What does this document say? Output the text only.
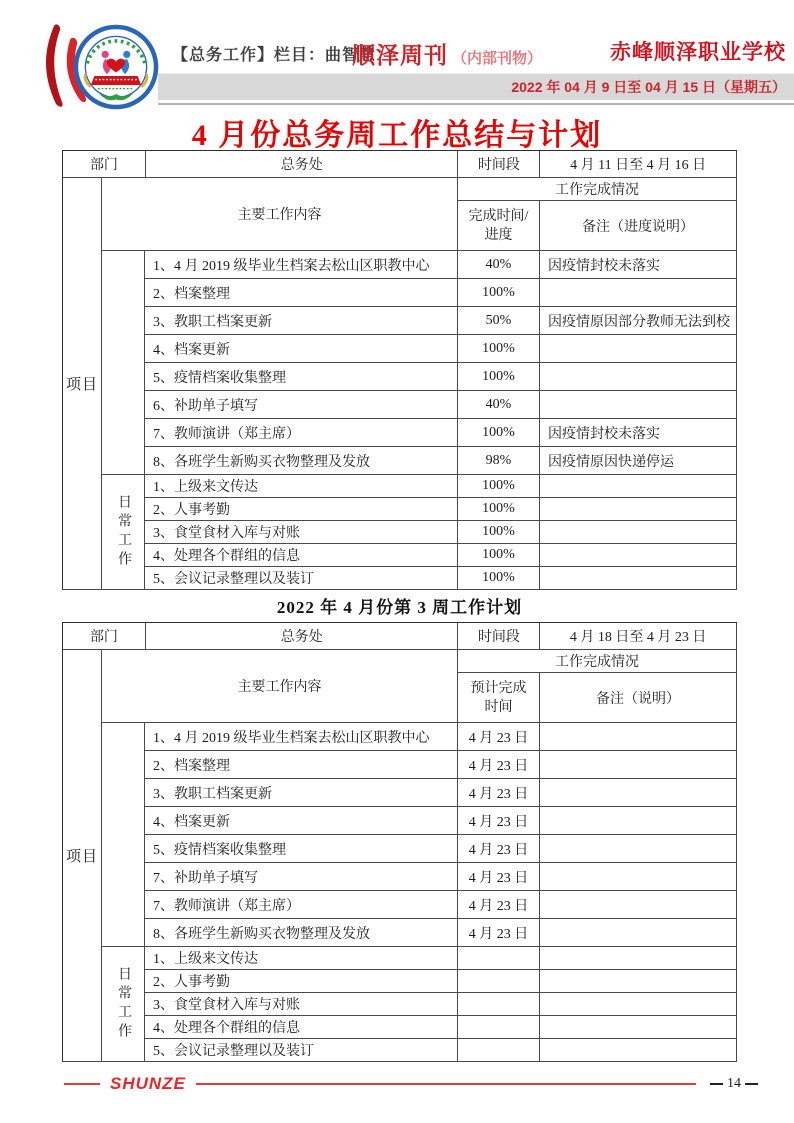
【总务工作】栏目：曲智慧
顺泽周刊 （内部刊物）	赤峰顺泽职业学校
2022 年 04 月 9 日至 04 月 15 日（星期五）
4 月份总务周工作总结与计划
部门	总务处	时间段	4 月 11 日至 4 月 16 日
项目
主要工作内容
工作完成情况
完成时间/进度
备注（进度说明）
1、4 月 2019 级毕业生档案去松山区职教中心	40%	因疫情封校未落实
2、档案整理	100%
3、教职工档案更新	50%	因疫情原因部分教师无法到校
4、档案更新	100%
5、疫情档案收集整理	100%
6、补助单子填写	40%
7、教师演讲（郑主席）	100%	因疫情封校未落实
8、各班学生新购买衣物整理及发放	98%	因疫情原因快递停运
日常工作
1、上级来文传达	100%
2、人事考勤	100%
3、食堂食材入库与对账	100%
4、处理各个群组的信息	100%
5、会议记录整理以及装订	100%
2022 年 4 月份第 3 周工作计划
部门	总务处	时间段	4 月 18 日至 4 月 23 日
项目
主要工作内容
工作完成情况
预计完成时间
备注（说明）
1、4 月 2019 级毕业生档案去松山区职教中心	4 月 23 日
2、档案整理	4 月 23 日
3、教职工档案更新	4 月 23 日
4、档案更新	4 月 23 日
5、疫情档案收集整理	4 月 23 日
7、补助单子填写	4 月 23 日
7、教师演讲（郑主席）	4 月 23 日
8、各班学生新购买衣物整理及发放	4 月 23 日
日常工作
1、上级来文传达
2、人事考勤
3、食堂食材入库与对账
4、处理各个群组的信息
5、会议记录整理以及装订
SHUNZE	14
